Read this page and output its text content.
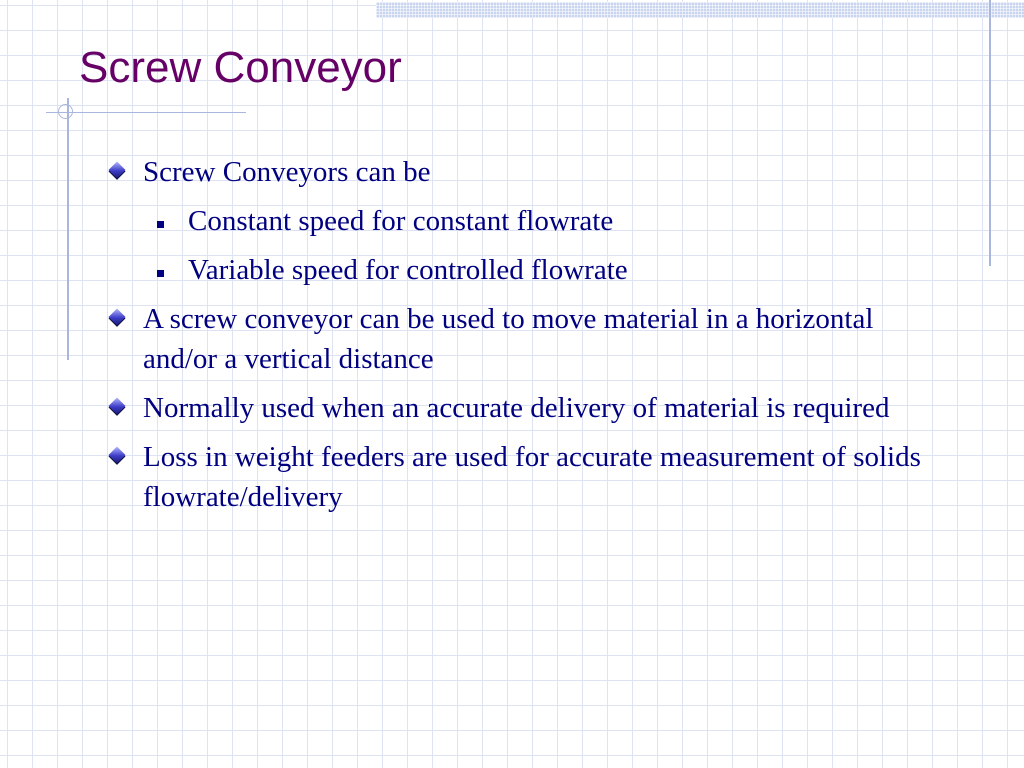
Screw Conveyor
Screw Conveyors can be
Constant speed for constant flowrate
Variable speed for controlled flowrate
A screw conveyor can be used to move material in a horizontal and/or a vertical distance
Normally used when an accurate delivery of material is required
Loss in weight feeders are used for accurate measurement of solids flowrate/delivery
